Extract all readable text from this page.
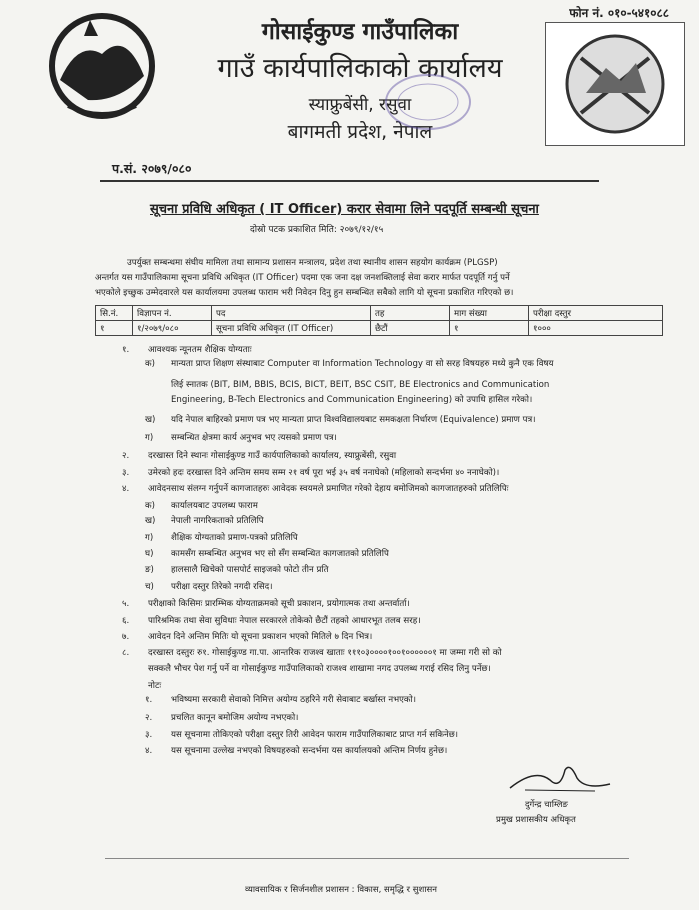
फोन नं. ०१०-५४१०८८
गोसाईकुण्ड गाउँपालिका
गाउँ कार्यपालिकाको कार्यालय
स्याफ्रुबेंसी, रसुवा
बागमती प्रदेश, नेपाल
प.सं. २०७९/०८०
सूचना प्रविधि अधिकृत ( IT Officer) करार सेवामा लिने पदपूर्ति सम्बन्धी सूचना
दोस्रो पटक प्रकाशित मिति: २०७९/१२/१५
उपर्युक्त सम्बन्धमा संघीय मामिला तथा सामान्य प्रशासन मन्त्रालय, प्रदेश तथा स्थानीय शासन सहयोग कार्यक्रम (PLGSP)
अन्तर्गत यस गाउँपालिकामा सूचना प्रविधि अधिकृत (IT Officer) पदमा एक जना दक्ष जनशक्तिलाई सेवा करार मार्फत पदपूर्ति गर्नु पर्ने
भएकोले इच्छुक उम्मेदवारले यस कार्यालयमा उपलब्ध फाराम भरी निवेदन दिनु हुन सम्बन्धित सबैको लागि यो सूचना प्रकाशित गरिएको छ।
सि.नं.	विज्ञापन नं.	पद	तह	माग संख्या	परीक्षा दस्तुर
१	१/२०७९/०८०	सूचना प्रविधि अधिकृत (IT Officer)	छैटौं	१	१०००
१. आवश्यक न्यूनतम शैक्षिक योग्यताः
क) मान्यता प्राप्त शिक्षण संस्थाबाट Computer वा Information Technology वा सो सरह विषयहरु मध्ये कुनै एक विषय
लिई स्नातक (BIT, BIM, BBIS, BCIS, BICT, BEIT, BSC CSIT, BE Electronics and Communication
Engineering, B-Tech Electronics and Communication Engineering) को उपाधि हासिल गरेको।
ख) यदि नेपाल बाहिरको प्रमाण पत्र भए मान्यता प्राप्त विश्वविद्यालयबाट समकक्षता निर्धारण (Equivalence) प्रमाण पत्र।
ग) सम्बन्धित क्षेत्रमा कार्य अनुभव भए त्यसको प्रमाण पत्र।
२. दरखास्त दिने स्थानः गोसाईकुण्ड गाउँ कार्यपालिकाको कार्यालय, स्याफ्रुबेंसी, रसुवा
३. उमेरको हदः दरखास्त दिने अन्तिम समय सम्म २१ वर्ष पूरा भई ३५ वर्ष ननाघेको (महिलाको सन्दर्भमा ४० ननाघेको)।
४. आवेदनसाथ संलग्न गर्नुपर्ने कागजातहरुः आवेदक स्वयमले प्रमाणित गरेको देहाय बमोजिमको कागजातहरुको प्रतिलिपिः
क) कार्यालयबाट उपलब्ध फाराम
ख) नेपाली नागरिकताको प्रतिलिपि
ग) शैक्षिक योग्यताको प्रमाण-पत्रको प्रतिलिपि
घ) कामसँग सम्बन्धित अनुभव भए सो सँग सम्बन्धित कागजातको प्रतिलिपि
ङ) हालसालै खिचेको पासपोर्ट साइजको फोटो तीन प्रति
च) परीक्षा दस्तुर तिरेको नगदी रसिद।
५. परीक्षाको किसिमः प्रारम्भिक योग्यताक्रमको सूची प्रकाशन, प्रयोगात्मक तथा अन्तर्वार्ता।
६. पारिश्रमिक तथा सेवा सुविधाः नेपाल सरकारले तोकेको छैटौं तहको आधारभूत तलब सरह।
७. आवेदन दिने अन्तिम मितिः यो सूचना प्रकाशन भएको मितिले ७ दिन भित्र।
८. दरखास्त दस्तुरः रु१. गोसाईकुण्ड गा.पा. आन्तरिक राजश्व खाताः १११०३००००१००१००००००१ मा जम्मा गरी सो को
सक्कलै भौचर पेश गर्नु पर्ने वा गोसाईकुण्ड गाउँपालिकाको राजश्व शाखामा नगद उपलब्ध गराई रसिद लिनु पर्नेछ।
नोटः
१. भविष्यमा सरकारी सेवाको निमित्त अयोग्य ठहरिने गरी सेवाबाट बर्खास्त नभएको।
२. प्रचलित कानून बमोजिम अयोग्य नभएको।
३. यस सूचनामा तोकिएको परीक्षा दस्तुर तिरी आवेदन फाराम गाउँपालिकाबाट प्राप्त गर्न सकिनेछ।
४. यस सूचनामा उल्लेख नभएको विषयहरुको सन्दर्भमा यस कार्यालयको अन्तिम निर्णय हुनेछ।
दुर्गेन्द्र चाम्लिङ
प्रमुख प्रशासकीय अधिकृत
व्यावसायिक र सिर्जनशील प्रशासन : विकास, समृद्धि र सुशासन
